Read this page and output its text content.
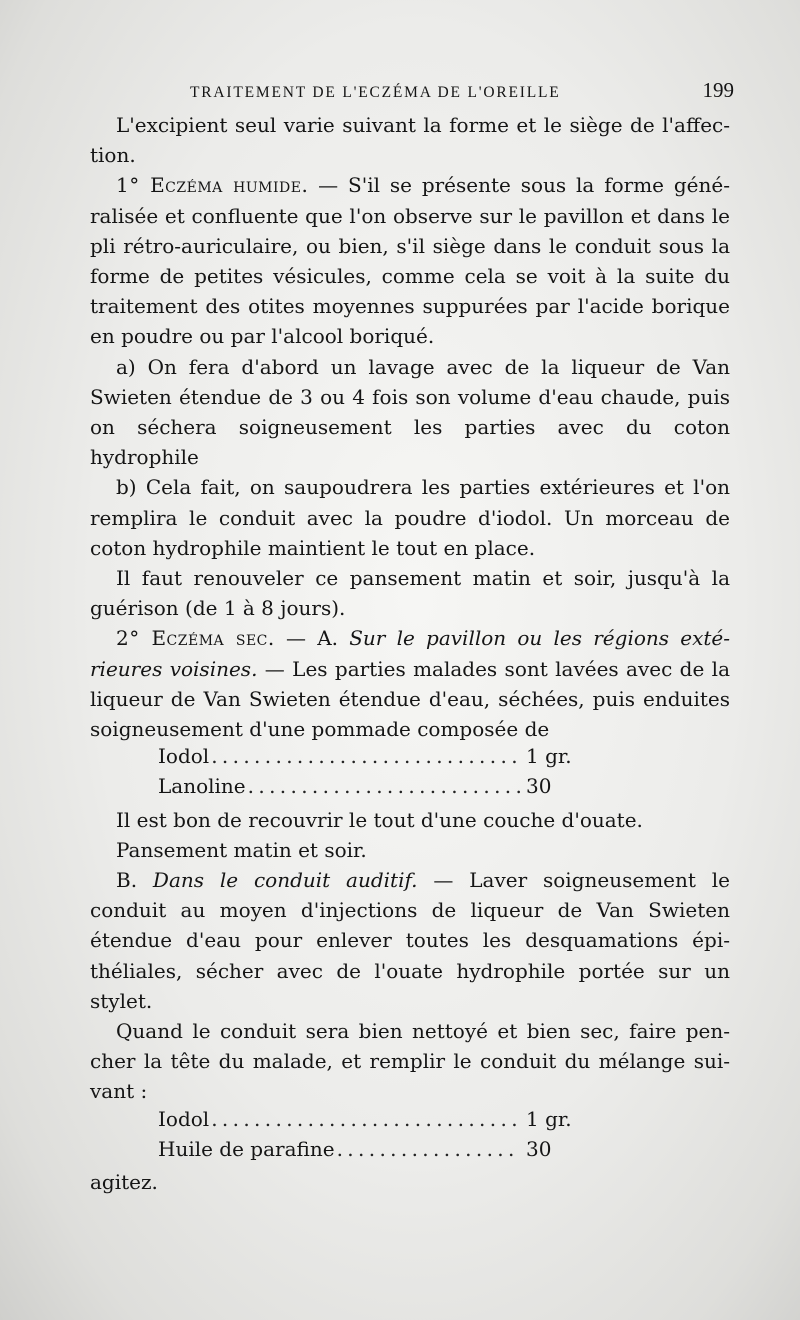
TRAITEMENT DE L'ECZÉMA DE L'OREILLE	199

L'excipient seul varie suivant la forme et le siège de l'affection.

1° Eczéma humide. — S'il se présente sous la forme généralisée et confluente que l'on observe sur le pavillon et dans le pli rétro-auriculaire, ou bien, s'il siège dans le conduit sous la forme de petites vésicules, comme cela se voit à la suite du traitement des otites moyennes suppurées par l'acide borique en poudre ou par l'alcool boriqué.

a) On fera d'abord un lavage avec de la liqueur de Van Swieten étendue de 3 ou 4 fois son volume d'eau chaude, puis on séchera soigneusement les parties avec du coton hydrophile

b) Cela fait, on saupoudrera les parties extérieures et l'on remplira le conduit avec la poudre d'iodol. Un morceau de coton hydrophile maintient le tout en place.

Il faut renouveler ce pansement matin et soir, jusqu'à la guérison (de 1 à 8 jours).

2° Eczéma sec. — A. Sur le pavillon ou les régions extérieures voisines. — Les parties malades sont lavées avec de la liqueur de Van Swieten étendue d'eau, séchées, puis enduites soigneusement d'une pommade composée de

Iodol . . .	1 gr.
Lanoline . . .	30

Il est bon de recouvrir le tout d'une couche d'ouate.

Pansement matin et soir.

B. Dans le conduit auditif. — Laver soigneusement le conduit au moyen d'injections de liqueur de Van Swieten étendue d'eau pour enlever toutes les desquamations épithéliales, sécher avec de l'ouate hydrophile portée sur un stylet.

Quand le conduit sera bien nettoyé et bien sec, faire pencher la tête du malade, et remplir le conduit du mélange suivant :

Iodol . . .	1 gr.
Huile de parafine . . .	30
agitez.
